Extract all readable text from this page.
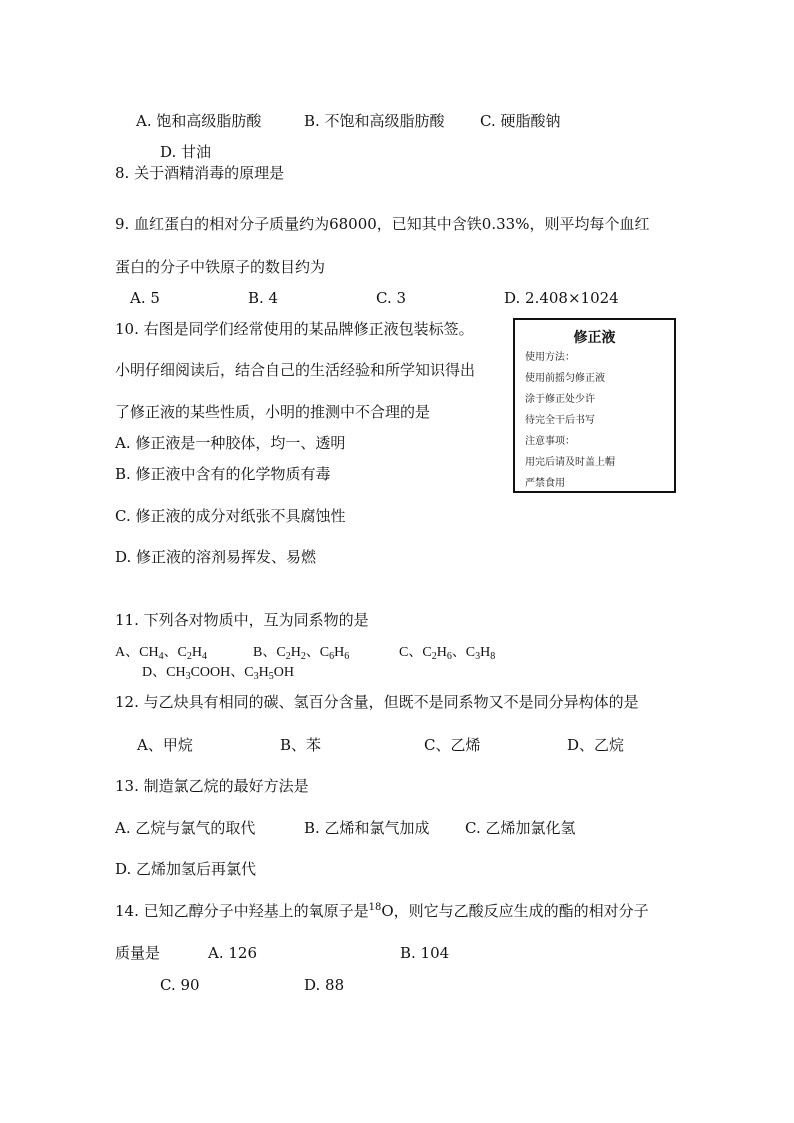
A. 饱和高级脂肪酸	B. 不饱和高级脂肪酸 C. 硬脂酸钠
D. 甘油
8. 关于酒精消毒的原理是
9. 血红蛋白的相对分子质量约为68000，已知其中含铁0.33%，则平均每个血红
蛋白的分子中铁原子的数目约为
A. 5	B. 4	C. 3	D. 2.408×1024
10. 右图是同学们经常使用的某品牌修正液包装标签。
小明仔细阅读后，结合自己的生活经验和所学知识得出
了修正液的某些性质，小明的推测中不合理的是
A. 修正液是一种胶体，均一、透明
B. 修正液中含有的化学物质有毒
C. 修正液的成分对纸张不具腐蚀性
D. 修正液的溶剂易挥发、易燃
修正液
使用方法：
使用前摇匀修正液
涂于修正处少许
待完全干后书写
注意事项：
用完后请及时盖上帽
严禁食用
11. 下列各对物质中，互为同系物的是
A、$CH_4$、$C_2H_4$	B、$C_2H_2$、$C_6H_6$	C、$C_2H_6$、$C_3H_8$
D、$CH_3COOH$、$C_3H_5OH$
12. 与乙炔具有相同的碳、氢百分含量，但既不是同系物又不是同分异构体的是
A、甲烷	B、苯	C、乙烯	D、乙烷
13. 制造氯乙烷的最好方法是
A. 乙烷与氯气的取代	B. 乙烯和氯气加成 C. 乙烯加氯化氢
D. 乙烯加氢后再氯代
14. 已知乙醇分子中羟基上的氧原子是$^{18}$O，则它与乙酸反应生成的酯的相对分子
质量是	A. 126	B. 104
C. 90	D. 88
